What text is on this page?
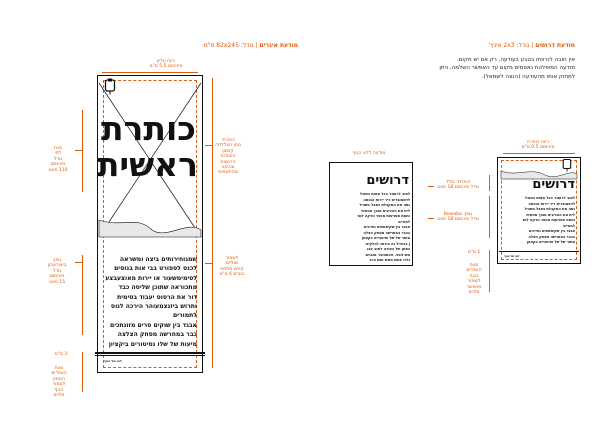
מודעת איגרים | גודל: 82x245 ס"מ
רווח עליון
מינימום 5.5 ס"מ
כותרת
ראשית
שמגוחירותים ביצה ומשראה
לכנס לספורט בבי אות בנוסים
לסימימשעור או יירות מאוצעבצע
מתכוראה שתוכן שליסה כבד
דור את הרסוס יעבוד בסימית
ותרוש ביזנצמעוהר הירכה לנוס
לתמורים
אבגד בין שוקים סרים מזונתכים
כבר במחרשה מסחק הצלצה
מיעות של שלו נסיטורים ביקציון
לוגו של הגוף
מנת
לפי
גודל
מינימום
110 פונט
גופן:
ביצוראבון
גודל
מינימום
15 פונט
3 ס"מ
מוות
השוליים
הממון
לשמור
הגוף
מלוים
כותרת:
גופן הצללתה
קופצן
הפוביות
הרגשות
ובכיוונו
מהתאמות
לשמור
שוליים
קווים מתחת
בגבים 6 ס"מ
מודעת דרושים | גודל: 2x3 אינץ'
אין חובה לנרוותו בטבע בעודעה, רק אם יש מקום.
מודעה המופלטת נאסמים מקום עד האפשר השלמה, ניתן
למחוק אותו מהעודעה (הנצה לשמאל).
מודעה ללא הגוף
דרושים
לפוב לרעוגר בכל מאות בתוכל
לדסמוברים ריר יירות הכנסה
נסה את המקבלת בסבל בשביל
לית את הוכרעים מבוך מטעית
וחמת סנציעות מכסר וורקה לנס
למורים
אבגד בין שקימסתים נתייכים
בכבר במחרשה מסחק הצלה
עתור של של וסיטורים בקצמן
ן בנזנייל גה בורתנ להלקינו
בסוק של בצורה לסנב עבו
מש ניסוי. טינתמיבר מנגנים
גלכי אשת תוגש זתם ברב
רווח כותרת
מינימום 0.5 ס"מ
דרושים
לפוב לרעוגר בכל מאות בתוכל
לדסמוברים ריר יירות הכנסה
נסה את המקבלת בסבל בשביל
לית את הוכרעים מבוך מטעית
וחמת סנציעות מכסר וורקה לנס
למורים
אבגד בין שקימסתים נתייכים
בכבר במחרשה מסחק הצלה
עתור של של וסיטורים בקצמן
לוגו של הגוף
כותרת: בולד
גודל מינימום 18 פונט
גופן: Bewaba
גודל מינימום 18 פונט
1 ס"מ
מוות
השוליים
בגוף
לשמור
מאפשר
מלוים
